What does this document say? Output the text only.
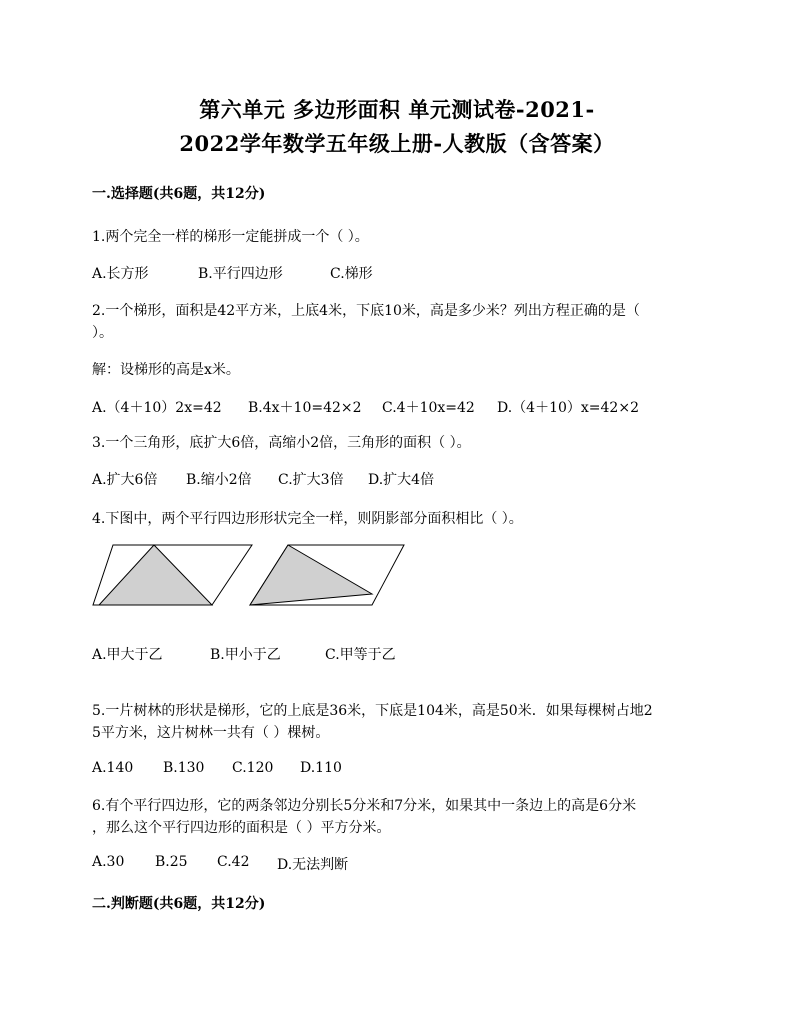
第六单元 多边形面积 单元测试卷-2021-
2022学年数学五年级上册-人教版（含答案）
一.选择题(共6题，共12分)
1.两个完全一样的梯形一定能拼成一个（ ）。
A.长方形	B.平行四边形	C.梯形
2.一个梯形，面积是42平方米，上底4米，下底10米，高是多少米？列出方程正确的是（
）。
解：设梯形的高是x米。
A.（4＋10）2x=42 B.4x＋10=42×2 C.4＋10x=42 D.（4＋10）x=42×2
3.一个三角形，底扩大6倍，高缩小2倍，三角形的面积（ ）。
A.扩大6倍 B.缩小2倍 C.扩大3倍 D.扩大4倍
4.下图中，两个平行四边形形状完全一样，则阴影部分面积相比（ ）。
A.甲大于乙	B.甲小于乙	C.甲等于乙
5.一片树林的形状是梯形，它的上底是36米，下底是104米，高是50米．如果每棵树占地2
5平方米，这片树林一共有（ ）棵树。
A.140 B.130 C.120 D.110
6.有个平行四边形，它的两条邻边分别长5分米和7分米，如果其中一条边上的高是6分米
，那么这个平行四边形的面积是（ ）平方分米。
A.30 B.25 C.42 D.无法判断
二.判断题(共6题，共12分)
